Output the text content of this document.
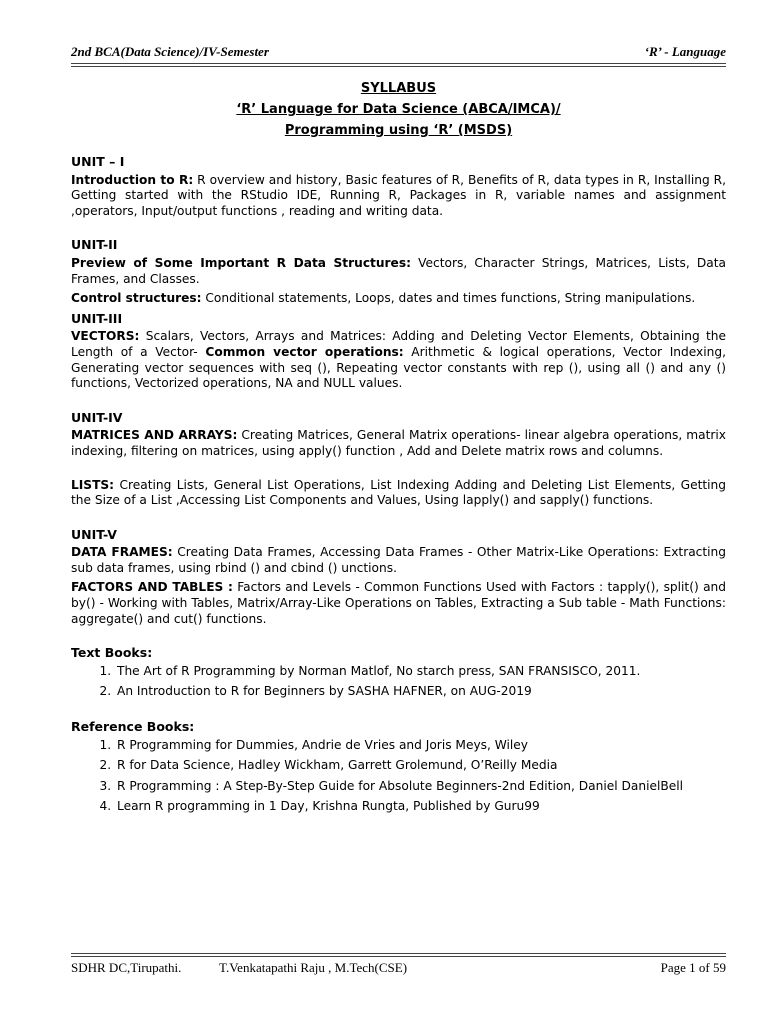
2nd BCA(Data Science)/IV-Semester	‘R’ - Language
SYLLABUS
‘R’ Language for Data Science (ABCA/IMCA)/
Programming using ‘R’ (MSDS)
UNIT – I

Introduction to R: R overview and history, Basic features of R, Benefits of R, data types in R, Installing R, Getting started with the RStudio IDE, Running R, Packages in R, variable names and assignment ,operators, Input/output functions , reading and writing data.

UNIT-II

Preview of Some Important R Data Structures: Vectors, Character Strings, Matrices, Lists, Data Frames, and Classes.

Control structures: Conditional statements, Loops, dates and times functions, String manipulations.

UNIT-III

VECTORS: Scalars, Vectors, Arrays and Matrices: Adding and Deleting Vector Elements, Obtaining the Length of a Vector- Common vector operations: Arithmetic & logical operations, Vector Indexing, Generating vector sequences with seq (), Repeating vector constants with rep (), using all () and any () functions, Vectorized operations, NA and NULL values.

UNIT-IV

MATRICES AND ARRAYS: Creating Matrices, General Matrix operations- linear algebra operations, matrix indexing, filtering on matrices, using apply() function , Add and Delete matrix rows and columns.

LISTS: Creating Lists, General List Operations, List Indexing Adding and Deleting List Elements, Getting the Size of a List ,Accessing List Components and Values, Using lapply() and sapply() functions.

UNIT-V

DATA FRAMES: Creating Data Frames, Accessing Data Frames - Other Matrix-Like Operations: Extracting sub data frames, using rbind () and cbind () unctions.

FACTORS AND TABLES : Factors and Levels - Common Functions Used with Factors : tapply(), split() and by() - Working with Tables, Matrix/Array-Like Operations on Tables, Extracting a Sub table - Math Functions: aggregate() and cut() functions.

Text Books:
1. The Art of R Programming by Norman Matlof, No starch press, SAN FRANSISCO, 2011.
2. An Introduction to R for Beginners by SASHA HAFNER, on AUG-2019
Reference Books:
1. R Programming for Dummies, Andrie de Vries and Joris Meys, Wiley
2. R for Data Science, Hadley Wickham, Garrett Grolemund, O’Reilly Media
3. R Programming : A Step-By-Step Guide for Absolute Beginners-2nd Edition, Daniel DanielBell
4. Learn R programming in 1 Day, Krishna Rungta, Published by Guru99
SDHR DC,Tirupathi.	T.Venkatapathi Raju , M.Tech(CSE)	Page 1 of 59
